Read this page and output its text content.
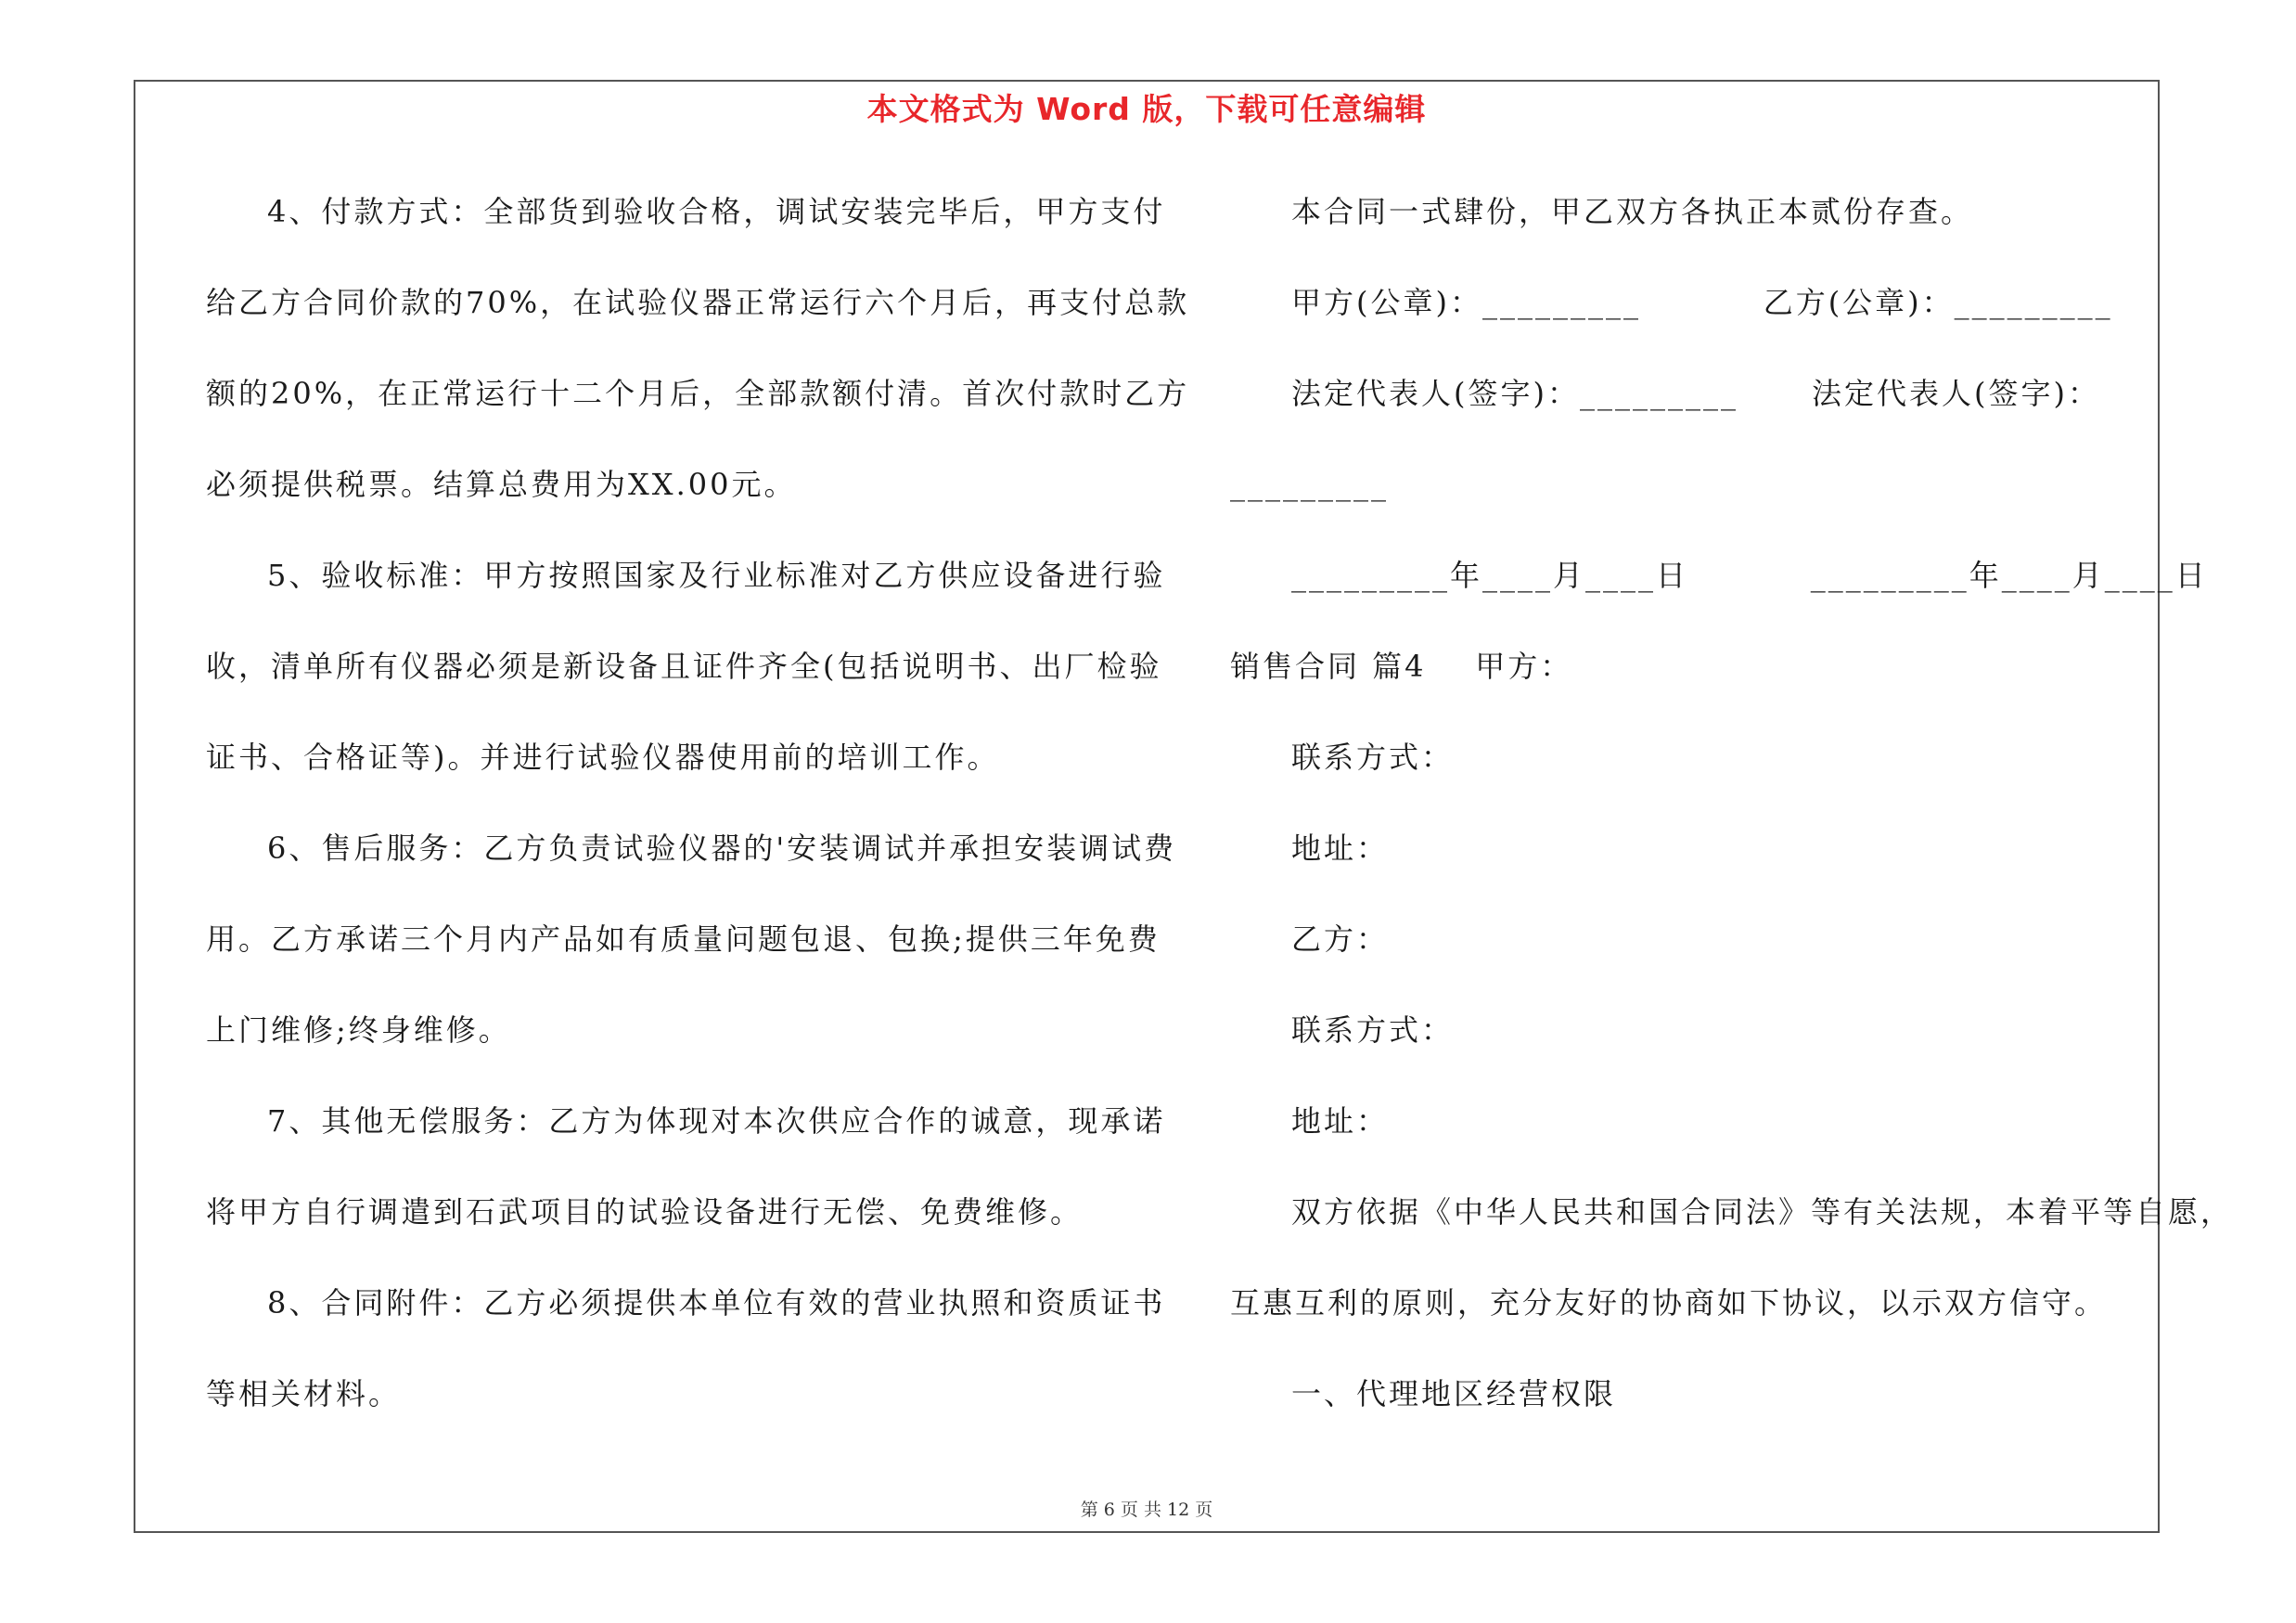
本文格式为 Word 版，下载可任意编辑
4、付款方式：全部货到验收合格，调试安装完毕后，甲方支付
给乙方合同价款的70%，在试验仪器正常运行六个月后，再支付总款
额的20%，在正常运行十二个月后，全部款额付清。首次付款时乙方
必须提供税票。结算总费用为XX.00元。
5、验收标准：甲方按照国家及行业标准对乙方供应设备进行验
收，清单所有仪器必须是新设备且证件齐全(包括说明书、出厂检验
证书、合格证等)。并进行试验仪器使用前的培训工作。
6、售后服务：乙方负责试验仪器的'安装调试并承担安装调试费
用。乙方承诺三个月内产品如有质量问题包退、包换;提供三年免费
上门维修;终身维修。
7、其他无偿服务：乙方为体现对本次供应合作的诚意，现承诺
将甲方自行调遣到石武项目的试验设备进行无偿、免费维修。
8、合同附件：乙方必须提供本单位有效的营业执照和资质证书
等相关材料。
本合同一式肆份，甲乙双方各执正本贰份存查。
甲方(公章)：_________          乙方(公章)：_________
法定代表人(签字)：_________      法定代表人(签字)：
_________
_________年____月____日          _________年____月____日
销售合同 篇4    甲方：
联系方式：
地址：
乙方：
联系方式：
地址：
双方依据《中华人民共和国合同法》等有关法规，本着平等自愿，
互惠互利的原则，充分友好的协商如下协议，以示双方信守。
一、代理地区经营权限
第 6 页 共 12 页
